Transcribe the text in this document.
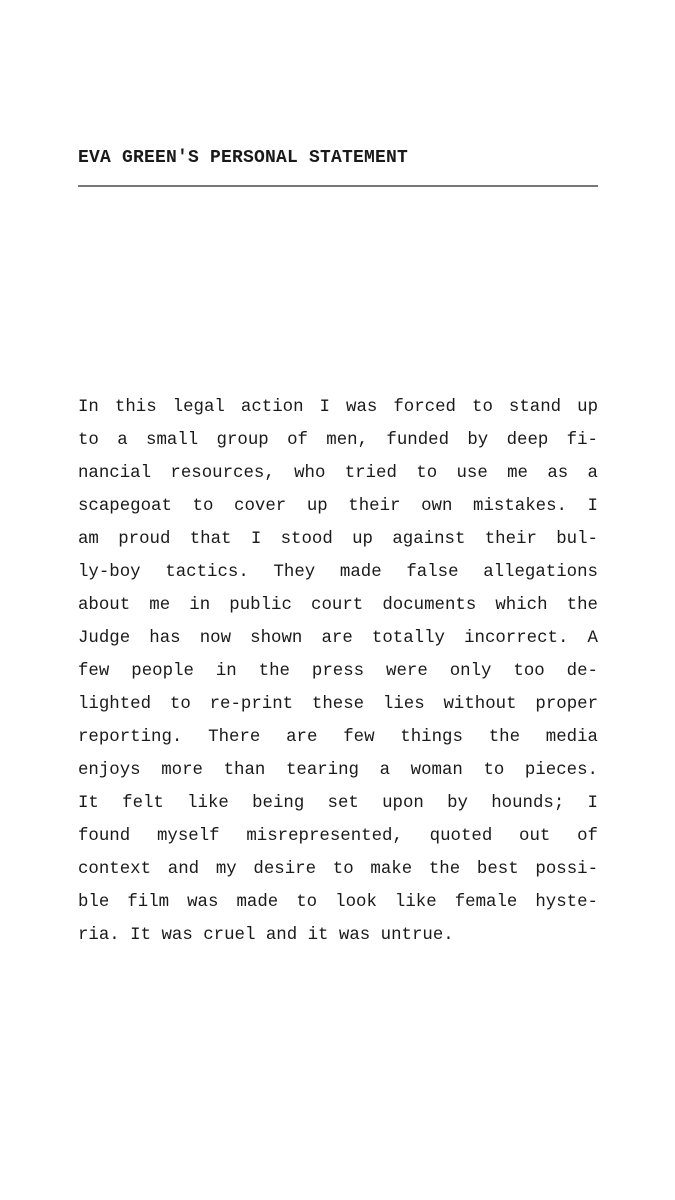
EVA GREEN'S PERSONAL STATEMENT
In this legal action I was forced to stand up
to a small group of men, funded by deep fi-
nancial resources, who tried to use me as a
scapegoat to cover up their own mistakes. I
am proud that I stood up against their bul-
ly-boy tactics. They made false allegations
about me in public court documents which the
Judge has now shown are totally incorrect. A
few people in the press were only too de-
lighted to re-print these lies without proper
reporting. There are few things the media
enjoys more than tearing a woman to pieces.
It felt like being set upon by hounds; I
found myself misrepresented, quoted out of
context and my desire to make the best possi-
ble film was made to look like female hyste-
ria. It was cruel and it was untrue.
